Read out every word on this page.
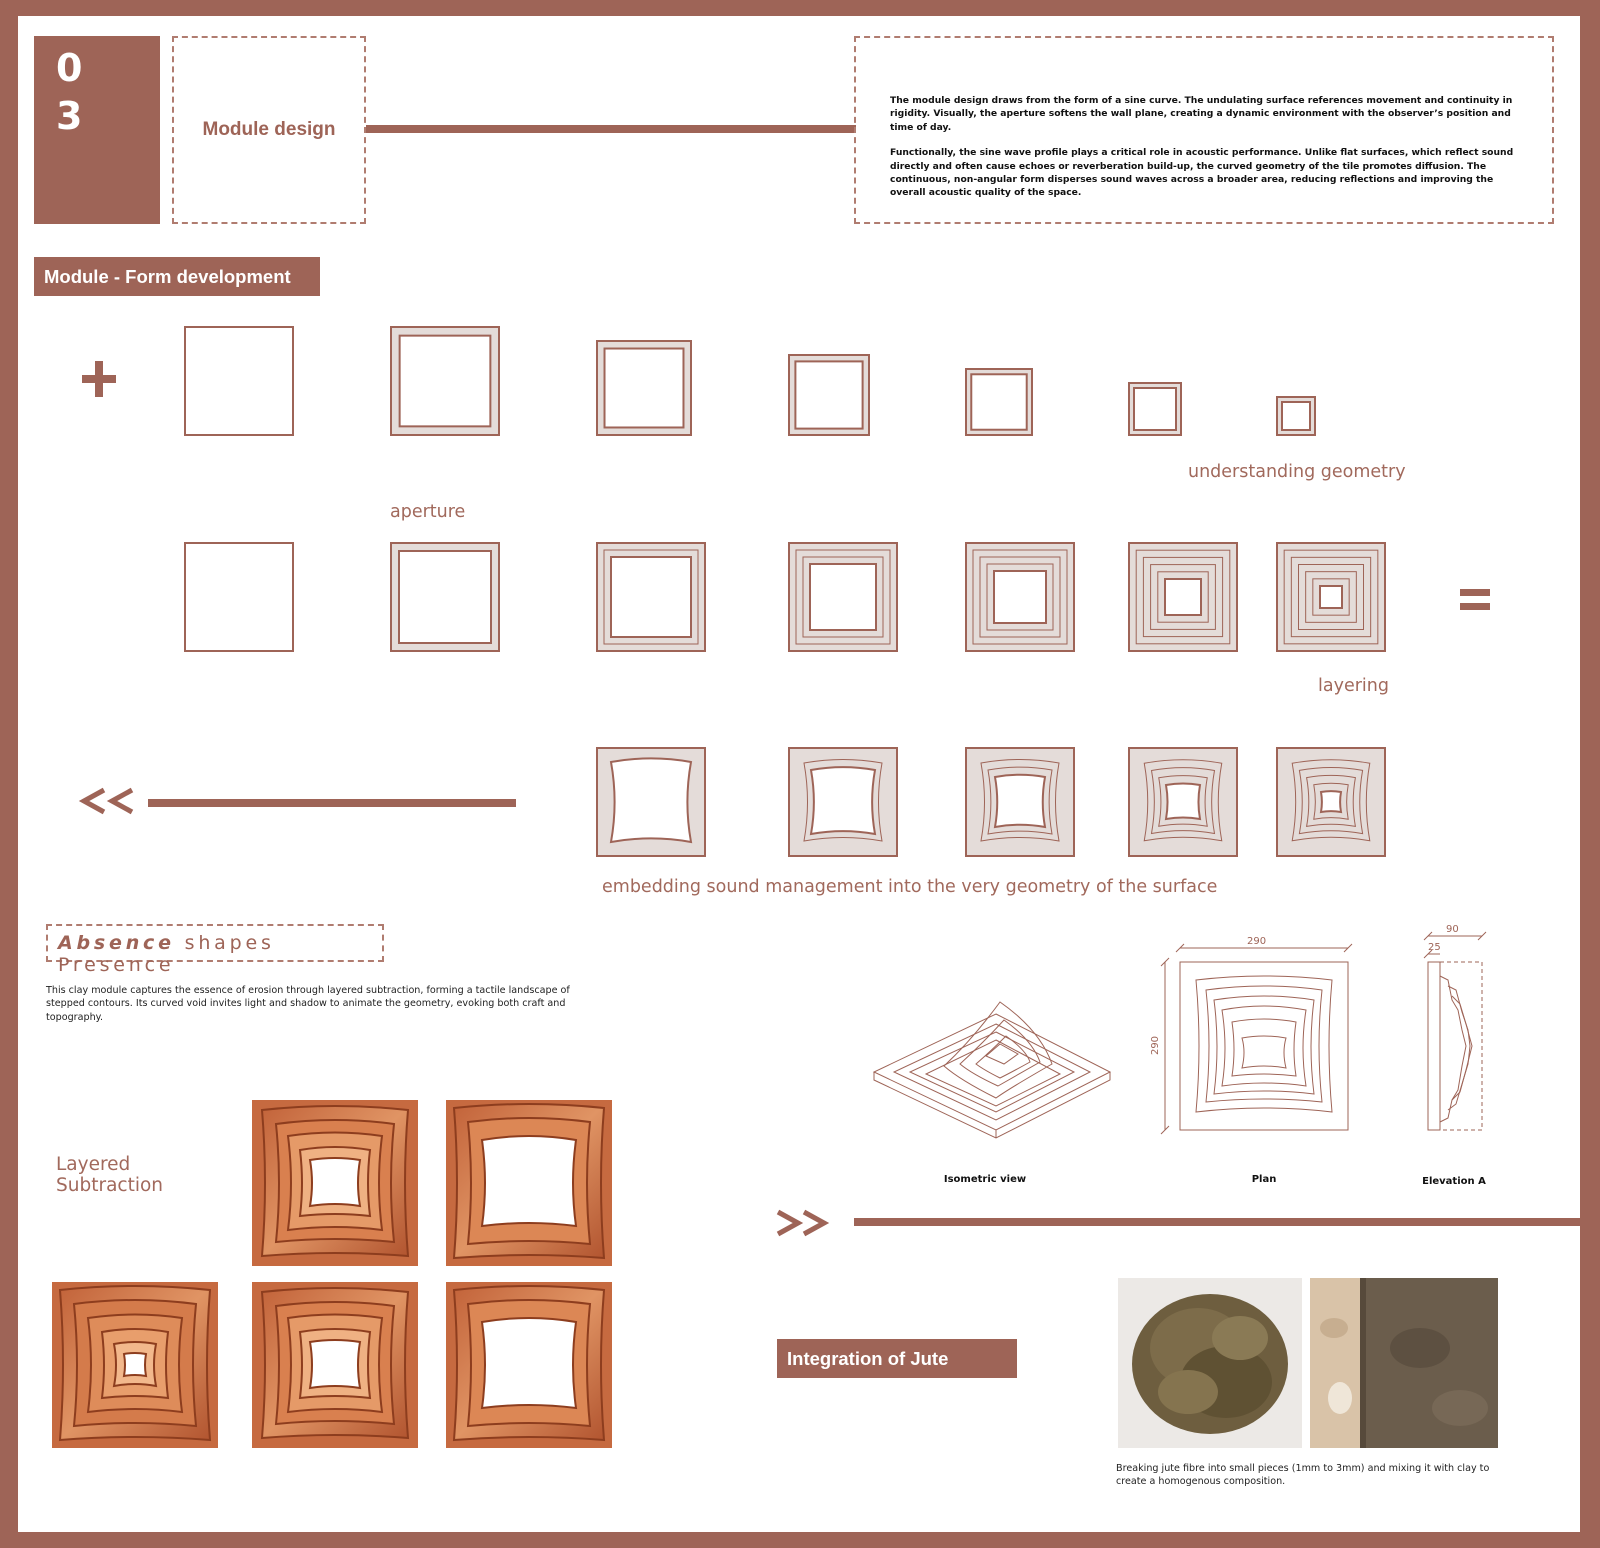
0
3	Module design

The module design draws from the form of a sine curve. The undulating surface references movement and continuity in rigidity. Visually, the aperture softens the wall plane, creating a dynamic environment with the observer’s position and time of day.

Functionally, the sine wave profile plays a critical role in acoustic performance. Unlike flat surfaces, which reflect sound directly and often cause echoes or reverberation build-up, the curved geometry of the tile promotes diffusion. The continuous, non-angular form disperses sound waves across a broader area, reducing reflections and improving the overall acoustic quality of the space.

Module - Form development
understanding geometry
aperture
layering
embedding sound management into the very geometry of the surface
Absence shapes Presence
This clay module captures the essence of erosion through layered subtraction, forming a tactile landscape of stepped contours. Its curved void invites light and shadow to animate the geometry, evoking both craft and topography.
Layered
Subtraction
290
290
90
25
Isometric view	Plan	Elevation A
Integration of Jute
Breaking jute fibre into small pieces (1mm to 3mm) and mixing it with clay to create a homogenous composition.
